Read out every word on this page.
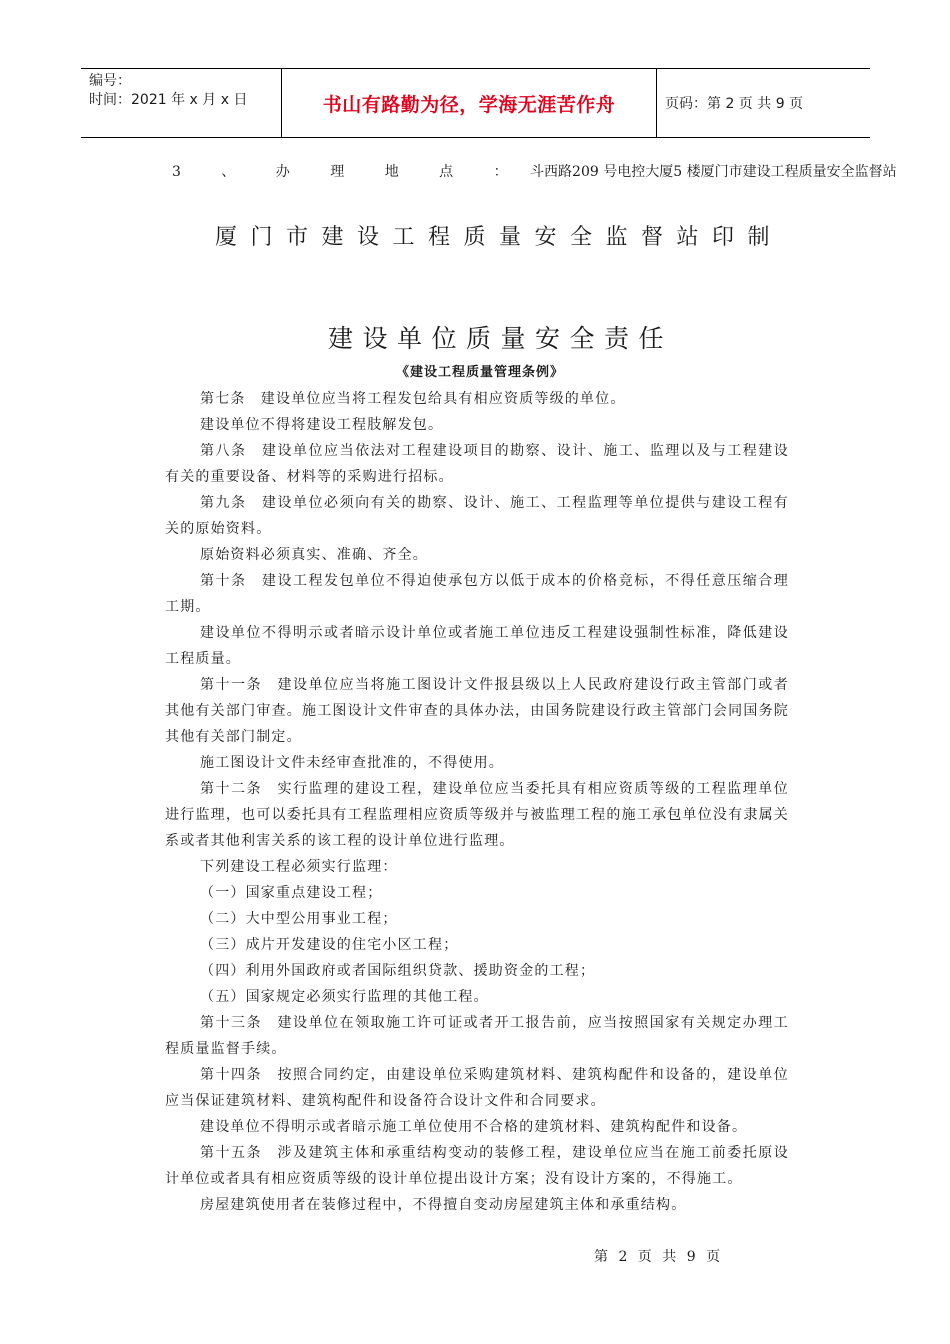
编号：
时间：2021 年 x 月 x 日	书山有路勤为径，学海无涯苦作舟	页码：第 2 页 共 9 页
3 、 办 理 地 点 ： 斗西路209 号电控大厦5 楼厦门市建设工程质量安全监督站
厦门市建设工程质量安全监督站印制
建设单位质量安全责任
《建设工程质量管理条例》

第七条　建设单位应当将工程发包给具有相应资质等级的单位。

建设单位不得将建设工程肢解发包。

第八条　建设单位应当依法对工程建设项目的勘察、设计、施工、监理以及与工程建设有关的重要设备、材料等的采购进行招标。

第九条　建设单位必须向有关的勘察、设计、施工、工程监理等单位提供与建设工程有关的原始资料。

原始资料必须真实、准确、齐全。

第十条　建设工程发包单位不得迫使承包方以低于成本的价格竞标，不得任意压缩合理工期。

建设单位不得明示或者暗示设计单位或者施工单位违反工程建设强制性标准，降低建设工程质量。

第十一条　建设单位应当将施工图设计文件报县级以上人民政府建设行政主管部门或者其他有关部门审查。施工图设计文件审查的具体办法，由国务院建设行政主管部门会同国务院其他有关部门制定。

施工图设计文件未经审查批准的，不得使用。

第十二条　实行监理的建设工程，建设单位应当委托具有相应资质等级的工程监理单位进行监理，也可以委托具有工程监理相应资质等级并与被监理工程的施工承包单位没有隶属关系或者其他利害关系的该工程的设计单位进行监理。

下列建设工程必须实行监理：

（一）国家重点建设工程；

（二）大中型公用事业工程；

（三）成片开发建设的住宅小区工程；

（四）利用外国政府或者国际组织贷款、援助资金的工程；

（五）国家规定必须实行监理的其他工程。

第十三条　建设单位在领取施工许可证或者开工报告前，应当按照国家有关规定办理工程质量监督手续。

第十四条　按照合同约定，由建设单位采购建筑材料、建筑构配件和设备的，建设单位应当保证建筑材料、建筑构配件和设备符合设计文件和合同要求。

建设单位不得明示或者暗示施工单位使用不合格的建筑材料、建筑构配件和设备。

第十五条　涉及建筑主体和承重结构变动的装修工程，建设单位应当在施工前委托原设计单位或者具有相应资质等级的设计单位提出设计方案；没有设计方案的，不得施工。

房屋建筑使用者在装修过程中，不得擅自变动房屋建筑主体和承重结构。

第 2 页 共 9 页
